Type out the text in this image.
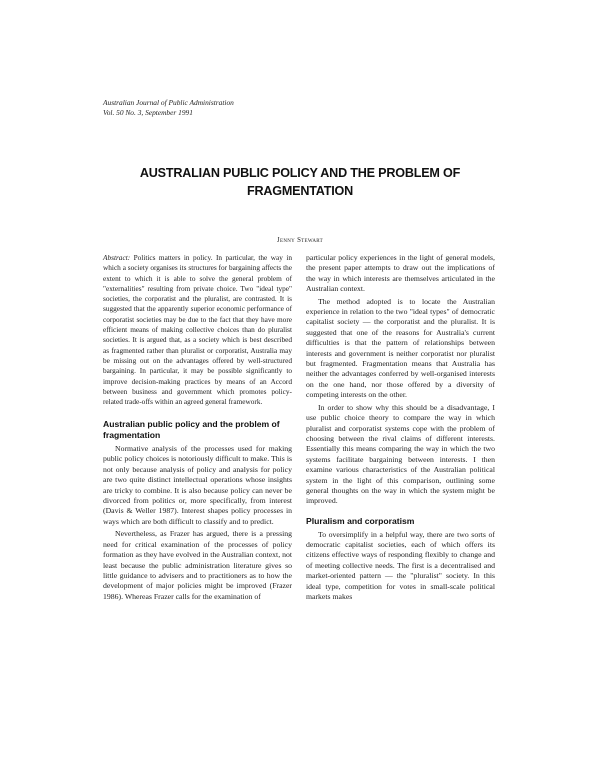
Australian Journal of Public Administration
Vol. 50 No. 3, September 1991
AUSTRALIAN PUBLIC POLICY AND THE PROBLEM OF
FRAGMENTATION
Jenny Stewart

Abstract: Politics matters in policy. In particular, the way in which a society organises its structures for bargaining affects the extent to which it is able to solve the general problem of "externalities" resulting from private choice. Two "ideal type" societies, the corporatist and the pluralist, are contrasted. It is suggested that the apparently superior economic performance of corporatist societies may be due to the fact that they have more efficient means of making collective choices than do pluralist societies. It is argued that, as a society which is best described as fragmented rather than pluralist or corporatist, Australia may be missing out on the advantages offered by well-structured bargaining. In particular, it may be possible significantly to improve decision-making practices by means of an Accord between business and government which promotes policy-related trade-offs within an agreed general framework.

Australian public policy and the problem of fragmentation

Normative analysis of the processes used for making public policy choices is notoriously difficult to make. This is not only because analysis of policy and analysis for policy are two quite distinct intellectual operations whose insights are tricky to combine. It is also because policy can never be divorced from politics or, more specifically, from interest (Davis & Weller 1987). Interest shapes policy processes in ways which are both difficult to classify and to predict.

Nevertheless, as Frazer has argued, there is a pressing need for critical examination of the processes of policy formation as they have evolved in the Australian context, not least because the public administration literature gives so little guidance to advisers and to practitioners as to how the development of major policies might be improved (Frazer 1986). Whereas Frazer calls for the examination of

particular policy experiences in the light of general models, the present paper attempts to draw out the implications of the way in which interests are themselves articulated in the Australian context.

The method adopted is to locate the Australian experience in relation to the two "ideal types" of democratic capitalist society — the corporatist and the pluralist. It is suggested that one of the reasons for Australia's current difficulties is that the pattern of relationships between interests and government is neither corporatist nor pluralist but fragmented. Fragmentation means that Australia has neither the advantages conferred by well-organised interests on the one hand, nor those offered by a diversity of competing interests on the other.

In order to show why this should be a disadvantage, I use public choice theory to compare the way in which pluralist and corporatist systems cope with the problem of choosing between the rival claims of different interests. Essentially this means comparing the way in which the two systems facilitate bargaining between interests. I then examine various characteristics of the Australian political system in the light of this comparison, outlining some general thoughts on the way in which the system might be improved.

Pluralism and corporatism

To oversimplify in a helpful way, there are two sorts of democratic capitalist societies, each of which offers its citizens effective ways of responding flexibly to change and of meeting collective needs. The first is a decentralised and market-oriented pattern — the "pluralist" society. In this ideal type, competition for votes in small-scale political markets makes
